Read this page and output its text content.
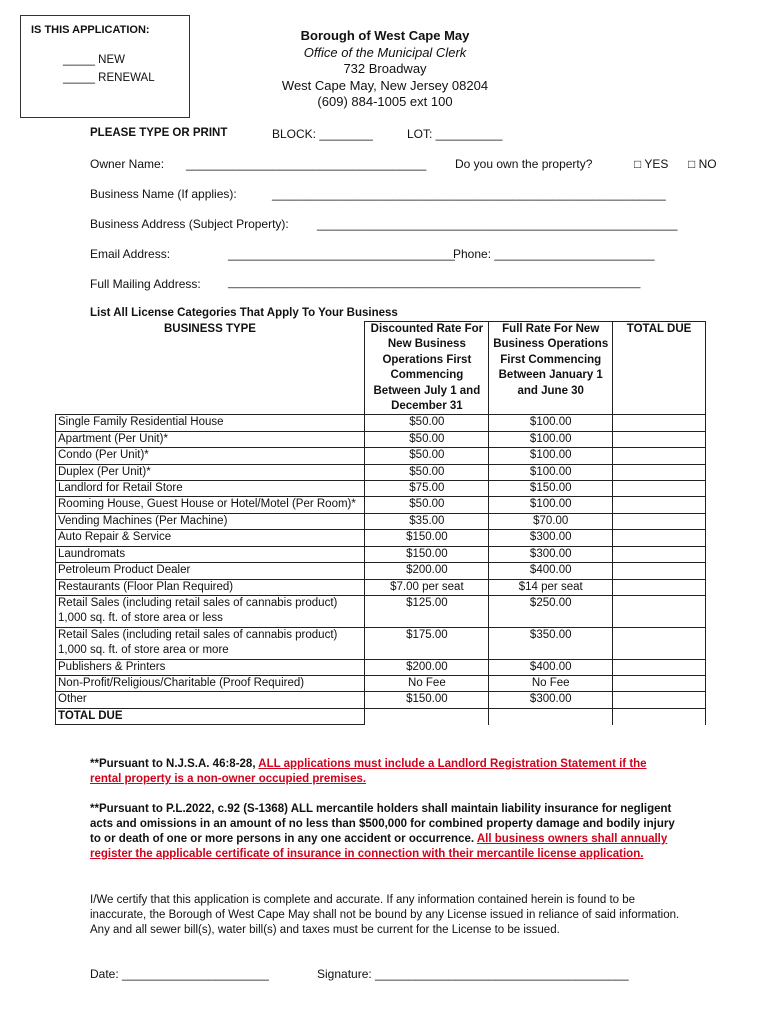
IS THIS APPLICATION:
_____ NEW
_____ RENEWAL
Borough of West Cape May
Office of the Municipal Clerk
732 Broadway
West Cape May, New Jersey 08204
(609) 884-1005 ext 100
PLEASE TYPE OR PRINT	BLOCK: ________	LOT: __________
Owner Name: ____________________________________ Do you own the property?	□ YES □ NO
Business Name (If applies):	___________________________________________________________
Business Address (Subject Property): ______________________________________________________
Email Address:	__________________________________
Phone: ________________________
Full Mailing Address:	______________________________________________________________________
List All License Categories That Apply To Your Business
BUSINESS TYPE	Discounted Rate For New Business Operations First Commencing Between July 1 and December 31	Full Rate For New Business Operations First Commencing Between January 1 and June 30	TOTAL DUE
Single Family Residential House	$50.00	$100.00	
Apartment (Per Unit)*	$50.00	$100.00	
Condo (Per Unit)*	$50.00	$100.00	
Duplex (Per Unit)*	$50.00	$100.00	
Landlord for Retail Store	$75.00	$150.00	
Rooming House, Guest House or Hotel/Motel (Per Room)*	$50.00	$100.00	
Vending Machines (Per Machine)	$35.00	$70.00	
Auto Repair & Service	$150.00	$300.00	
Laundromats	$150.00	$300.00	
Petroleum Product Dealer	$200.00	$400.00	
Restaurants (Floor Plan Required)	$7.00 per seat	$14 per seat	
Retail Sales (including retail sales of cannabis product) 1,000 sq. ft. of store area or less	$125.00	$250.00	
Retail Sales (including retail sales of cannabis product) 1,000 sq. ft. of store area or more	$175.00	$350.00	
Publishers & Printers	$200.00	$400.00	
Non-Profit/Religious/Charitable (Proof Required)	No Fee	No Fee	
Other	$150.00	$300.00	
TOTAL DUE			
**Pursuant to N.J.S.A. 46:8-28, ALL applications must include a Landlord Registration Statement if the rental property is a non-owner occupied premises.
**Pursuant to P.L.2022, c.92 (S-1368) ALL mercantile holders shall maintain liability insurance for negligent acts and omissions in an amount of no less than $500,000 for combined property damage and bodily injury to or death of one or more persons in any one accident or occurrence. All business owners shall annually register the applicable certificate of insurance in connection with their mercantile license application.
I/We certify that this application is complete and accurate. If any information contained herein is found to be inaccurate, the Borough of West Cape May shall not be bound by any License issued in reliance of said information. Any and all sewer bill(s), water bill(s) and taxes must be current for the License to be issued.
Date: ______________________	Signature: ______________________________________
